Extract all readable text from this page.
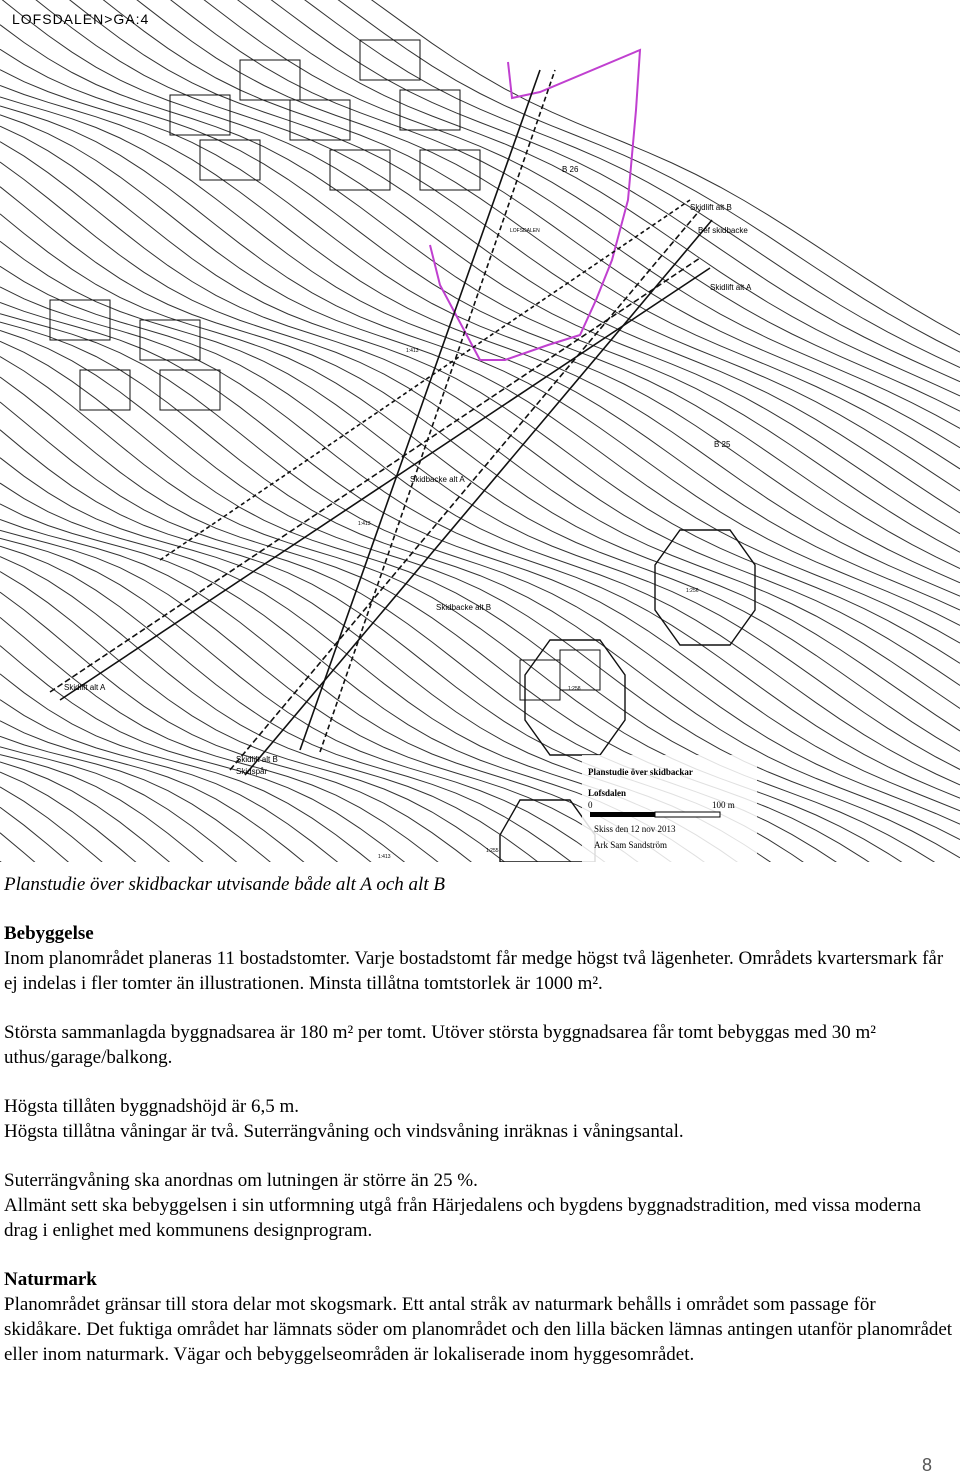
LOFSDALEN>GA:4
Skidlift alt B
Bef skidbacke
Skidlift alt A
Skidbacke alt A
Skidbacke alt B
Skidlift alt A
Skidlift alt B
Skidspår
B 26
B 25
LOFSDALEN
1:413
1:413
1:413
1:256
1:255
1:258
Planstudie över skidbackar
Lofsdalen
0	100 m
Skiss den 12 nov 2013
Ark Sam Sandström
Planstudie över skidbackar utvisande både alt A och alt B

Bebyggelse

Inom planområdet planeras 11 bostadstomter. Varje bostadstomt får medge högst två lägenheter. Områdets kvartersmark får ej indelas i fler tomter än illustrationen. Minsta tillåtna tomtstorlek är 1000 m².

Största sammanlagda byggnadsarea är 180 m² per tomt. Utöver största byggnadsarea får tomt bebyggas med 30 m² uthus/garage/balkong.

Högsta tillåten byggnadshöjd är 6,5 m.

Högsta tillåtna våningar är två. Suterrängvåning och vindsvåning inräknas i våningsantal.

Suterrängvåning ska anordnas om lutningen är större än 25 %.

Allmänt sett ska bebyggelsen i sin utformning utgå från Härjedalens och bygdens byggnadstradition, med vissa moderna drag i enlighet med kommunens designprogram.

Naturmark

Planområdet gränsar till stora delar mot skogsmark. Ett antal stråk av naturmark behålls i området som passage för skidåkare. Det fuktiga området har lämnats söder om planområdet och den lilla bäcken lämnas antingen utanför planområdet eller inom naturmark. Vägar och bebyggelseområden är lokaliserade inom hyggesområdet.

8
